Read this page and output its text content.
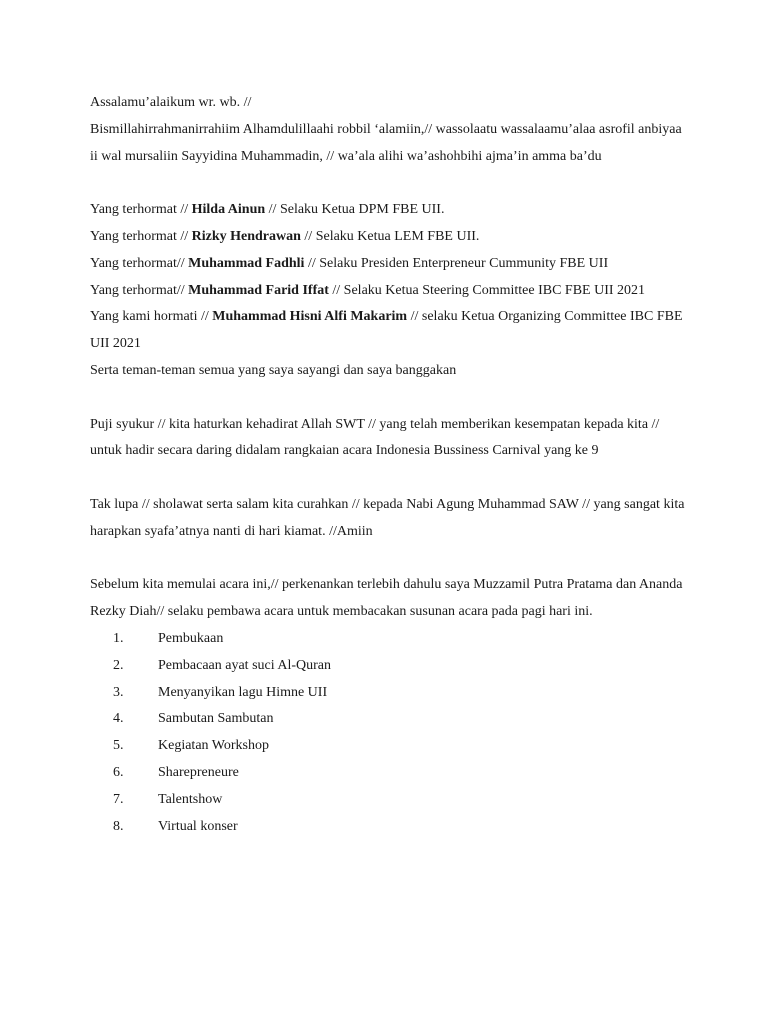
Assalamu’alaikum wr. wb. //

Bismillahirrahmanirrahiim Alhamdulillaahi robbil ‘alamiin,// wassolaatu wassalaamu’alaa asrofil anbiyaa ii wal mursaliin Sayyidina Muhammadin, // wa’ala alihi wa’ashohbihi ajma’in amma ba’du

Yang terhormat // Hilda Ainun // Selaku Ketua DPM FBE UII.

Yang terhormat // Rizky Hendrawan // Selaku Ketua LEM FBE UII.

Yang terhormat// Muhammad Fadhli // Selaku Presiden Enterpreneur Cummunity FBE UII

Yang terhormat// Muhammad Farid Iffat // Selaku Ketua Steering Committee IBC FBE UII 2021

Yang kami hormati // Muhammad Hisni Alfi Makarim // selaku Ketua Organizing Committee IBC FBE UII 2021

Serta teman-teman semua yang saya sayangi dan saya banggakan

Puji syukur // kita haturkan kehadirat Allah SWT // yang telah memberikan kesempatan kepada kita // untuk hadir secara daring didalam rangkaian acara Indonesia Bussiness Carnival yang ke 9

Tak lupa // sholawat serta salam kita curahkan // kepada Nabi Agung Muhammad SAW // yang sangat kita harapkan syafa’atnya nanti di hari kiamat. //Amiin

Sebelum kita memulai acara ini,// perkenankan terlebih dahulu saya Muzzamil Putra Pratama dan Ananda Rezky Diah// selaku pembawa acara untuk membacakan susunan acara pada pagi hari ini.

1. Pembukaan
2. Pembacaan ayat suci Al-Quran
3. Menyanyikan lagu Himne UII
4. Sambutan Sambutan
5. Kegiatan Workshop
6. Sharepreneure
7. Talentshow
8. Virtual konser
